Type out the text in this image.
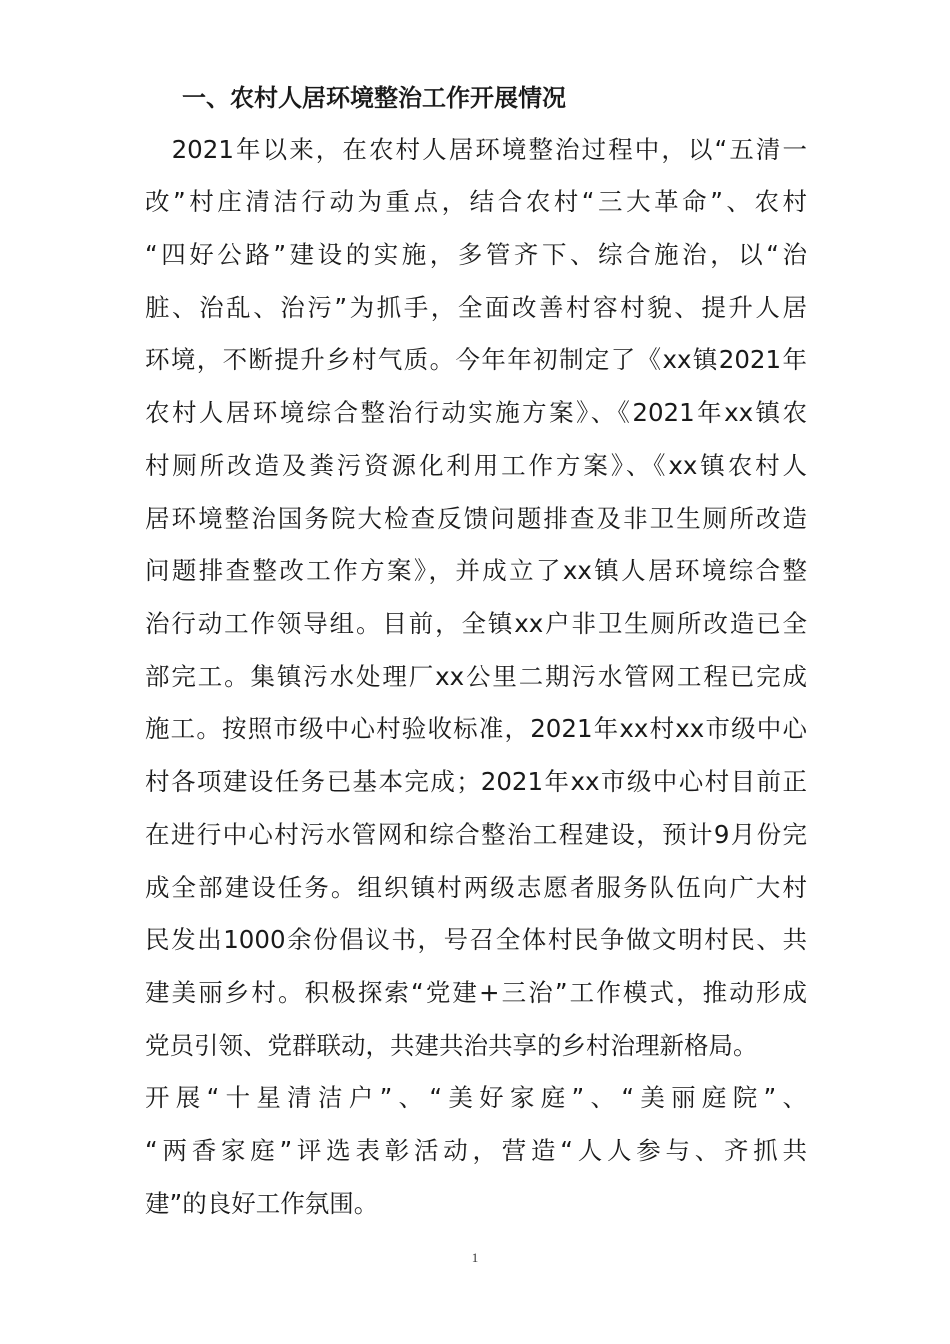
一、农村人居环境整治工作开展情况
　2021年以来，在农村人居环境整治过程中，以“五清一
改”村庄清洁行动为重点，结合农村“三大革命”、农村
“四好公路”建设的实施，多管齐下、综合施治，以“治
脏、治乱、治污”为抓手，全面改善村容村貌、提升人居
环境，不断提升乡村气质。今年年初制定了《xx镇2021年
农村人居环境综合整治行动实施方案》、《2021年xx镇农
村厕所改造及粪污资源化利用工作方案》、《xx镇农村人
居环境整治国务院大检查反馈问题排查及非卫生厕所改造
问题排查整改工作方案》，并成立了xx镇人居环境综合整
治行动工作领导组。目前，全镇xx户非卫生厕所改造已全
部完工。集镇污水处理厂xx公里二期污水管网工程已完成
施工。按照市级中心村验收标准，2021年xx村xx市级中心
村各项建设任务已基本完成；2021年xx市级中心村目前正
在进行中心村污水管网和综合整治工程建设，预计9月份完
成全部建设任务。组织镇村两级志愿者服务队伍向广大村
民发出1000余份倡议书，号召全体村民争做文明村民、共
建美丽乡村。积极探索“党建+三治”工作模式，推动形成
党员引领、党群联动，共建共治共享的乡村治理新格局。
开展“十星清洁户”、“美好家庭”、“美丽庭院”、
“两香家庭”评选表彰活动，营造“人人参与、齐抓共
建”的良好工作氛围。
1
